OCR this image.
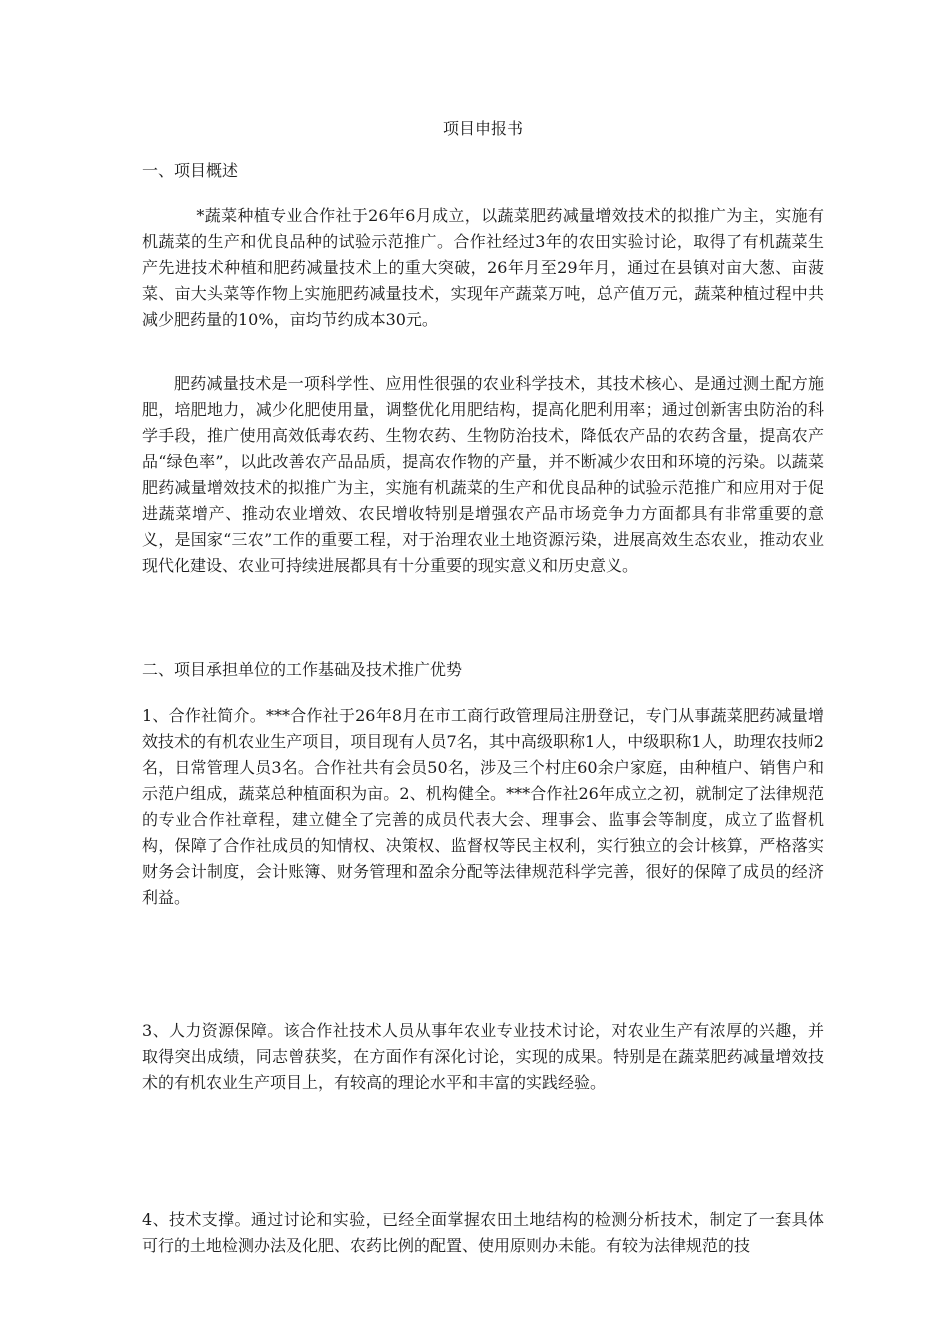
项目申报书
一、项目概述

*蔬菜种植专业合作社于26年6月成立，以蔬菜肥药减量增效技术的拟推广为主，实施有机蔬菜的生产和优良品种的试验示范推广。合作社经过3年的农田实验讨论，取得了有机蔬菜生产先进技术种植和肥药减量技术上的重大突破，26年月至29年月，通过在县镇对亩大葱、亩菠菜、亩大头菜等作物上实施肥药减量技术，实现年产蔬菜万吨，总产值万元，蔬菜种植过程中共减少肥药量的10%，亩均节约成本30元。

肥药减量技术是一项科学性、应用性很强的农业科学技术，其技术核心、是通过测土配方施肥，培肥地力，减少化肥使用量，调整优化用肥结构，提高化肥利用率；通过创新害虫防治的科学手段，推广使用高效低毒农药、生物农药、生物防治技术，降低农产品的农药含量，提高农产品“绿色率”，以此改善农产品品质，提高农作物的产量，并不断减少农田和环境的污染。以蔬菜肥药减量增效技术的拟推广为主，实施有机蔬菜的生产和优良品种的试验示范推广和应用对于促进蔬菜增产、推动农业增效、农民增收特别是增强农产品市场竞争力方面都具有非常重要的意义，是国家“三农”工作的重要工程，对于治理农业土地资源污染，进展高效生态农业，推动农业现代化建设、农业可持续进展都具有十分重要的现实意义和历史意义。

二、项目承担单位的工作基础及技术推广优势

1、合作社简介。***合作社于26年8月在市工商行政管理局注册登记，专门从事蔬菜肥药减量增效技术的有机农业生产项目，项目现有人员7名，其中高级职称1人，中级职称1人，助理农技师2名，日常管理人员3名。合作社共有会员50名，涉及三个村庄60余户家庭，由种植户、销售户和示范户组成，蔬菜总种植面积为亩。2、机构健全。***合作社26年成立之初，就制定了法律规范的专业合作社章程，建立健全了完善的成员代表大会、理事会、监事会等制度，成立了监督机构，保障了合作社成员的知情权、决策权、监督权等民主权利，实行独立的会计核算，严格落实财务会计制度，会计账簿、财务管理和盈余分配等法律规范科学完善，很好的保障了成员的经济利益。

3、人力资源保障。该合作社技术人员从事年农业专业技术讨论，对农业生产有浓厚的兴趣，并取得突出成绩，同志曾获奖，在方面作有深化讨论，实现的成果。特别是在蔬菜肥药减量增效技术的有机农业生产项目上，有较高的理论水平和丰富的实践经验。

4、技术支撑。通过讨论和实验，已经全面掌握农田土地结构的检测分析技术，制定了一套具体可行的土地检测办法及化肥、农药比例的配置、使用原则办未能。有较为法律规范的技
